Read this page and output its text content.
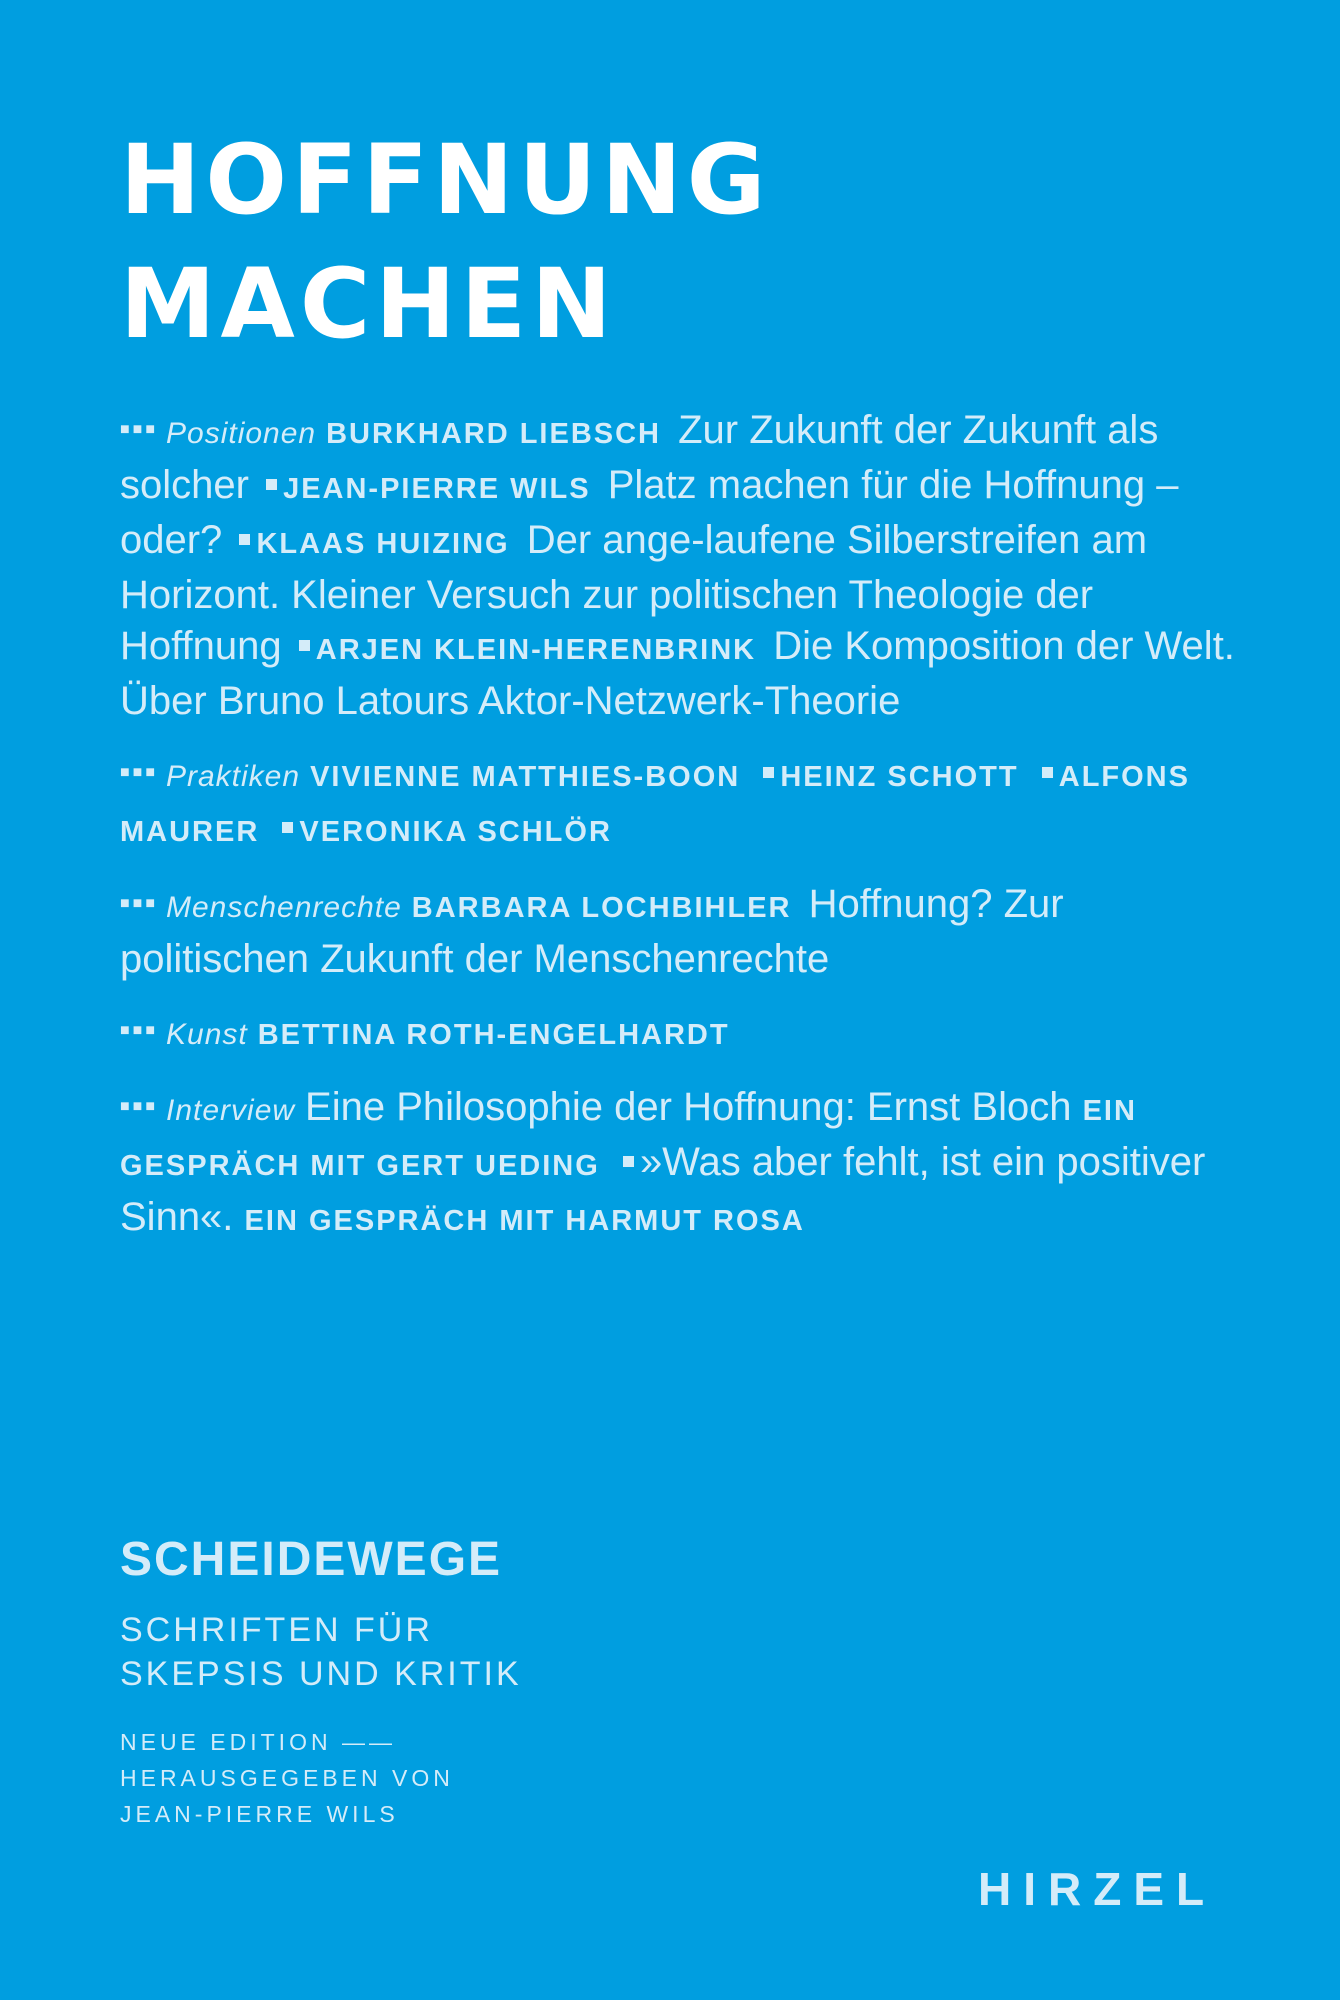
HOFFNUNG
MACHEN

■■■ Positionen BURKHARD LIEBSCH Zur Zukunft der Zukunft als solcher JEAN-PIERRE WILS Platz machen für die Hoffnung – oder? KLAAS HUIZING Der ange-laufene Silberstreifen am Horizont. Kleiner Versuch zur politischen Theologie der Hoffnung ARJEN KLEIN-HERENBRINK Die Komposition der Welt. Über Bruno Latours Aktor-Netzwerk-Theorie

■■■ Praktiken VIVIENNE MATTHIES-BOON HEINZ SCHOTT ALFONS MAURER VERONIKA SCHLÖR

■■■ Menschenrechte BARBARA LOCHBIHLER Hoffnung? Zur politischen Zukunft der Menschenrechte

■■■ Kunst BETTINA ROTH-ENGELHARDT

■■■ Interview Eine Philosophie der Hoffnung: Ernst Bloch EIN GESPRÄCH MIT GERT UEDING »Was aber fehlt, ist ein positiver Sinn«. EIN GESPRÄCH MIT HARMUT ROSA

SCHEIDEWEGE
SCHRIFTEN FÜR
SKEPSIS UND KRITIK
NEUE EDITION ——
HERAUSGEGEBEN VON
JEAN-PIERRE WILS
HIRZEL
